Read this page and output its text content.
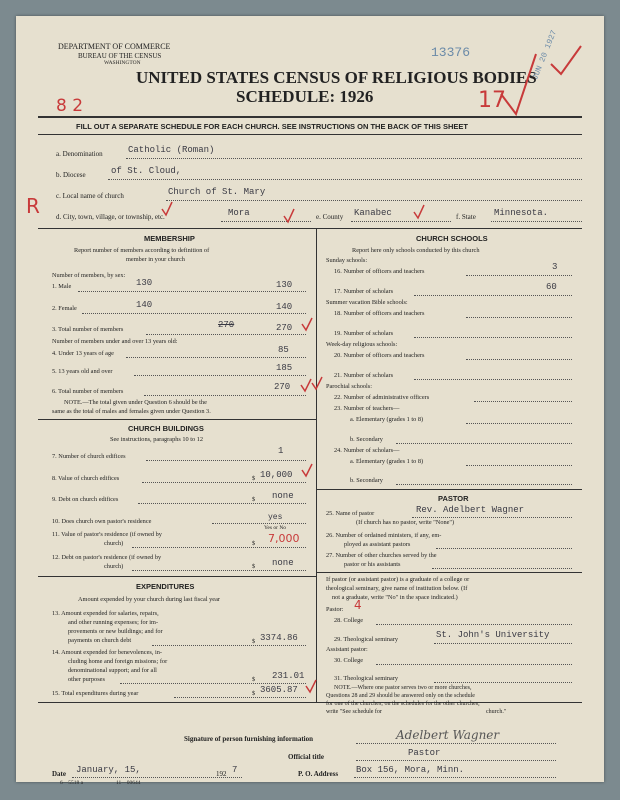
DEPARTMENT OF COMMERCE
BUREAU OF THE CENSUS
WASHINGTON
UNITED STATES CENSUS OF RELIGIOUS BODIES
SCHEDULE: 1926
FILL OUT A SEPARATE SCHEDULE FOR EACH CHURCH. SEE INSTRUCTIONS ON THE BACK OF THIS SHEET
13376	JUN 20 1927
8 2	17
R
a. Denomination	Catholic (Roman)
b. Diocese	of St. Cloud,
c. Local name of church	Church of St. Mary
d. City, town, village, or township, etc.	Mora	e. County Kanabec	f. State Minnesota.
MEMBERSHIP
Report number of members according to definition of
member in your church
Number of members, by sex:
1. Male	130	130
2. Female	140	140
3. Total number of members	270	270
Number of members under and over 13 years old:
4. Under 13 years of age	85
5. 13 years old and over	185
6. Total number of members	270
NOTE.—The total given under Question 6 should be the
same as the total of males and females given under Question 3.
CHURCH BUILDINGS
See instructions, paragraphs 10 to 12
7. Number of church edifices
1
8. Value of church edifices	$ 10,000
9. Debt on church edifices	$ none
10. Does church own pastor's residence	yes
Yes or No
11. Value of pastor's residence (if owned by
church)	$ 7,000
12. Debt on pastor's residence (if owned by
church)	$ none
EXPENDITURES
Amount expended by your church during last fiscal year
13. Amount expended for salaries, repairs,
and other running expenses; for im-
provements or new buildings; and for
payments on church debt	$ 3374.86
14. Amount expended for benevolences, in-
cluding home and foreign missions; for
denominational support; and for all
other purposes	$ 231.01
15. Total expenditures during year	$ 3605.87
CHURCH SCHOOLS
Report here only schools conducted by this church
Sunday schools:
16. Number of officers and teachers	3
17. Number of scholars	60
Summer vacation Bible schools:
18. Number of officers and teachers
19. Number of scholars
Week-day religious schools:
20. Number of officers and teachers
21. Number of scholars
Parochial schools:
22. Number of administrative officers
23. Number of teachers—
a. Elementary (grades 1 to 8)
b. Secondary
24. Number of scholars—
a. Elementary (grades 1 to 8)
b. Secondary
PASTOR
25. Name of pastor	Rev. Adelbert Wagner
(If church has no pastor, write "None")
26. Number of ordained ministers, if any, em-
ployed as assistant pastors
27. Number of other churches served by the
pastor or his assistants
If pastor (or assistant pastor) is a graduate of a college or
theological seminary, give name of institution below. (If
not a graduate, write "No" in the space indicated.)
Pastor: 4
28. College
29. Theological seminary	St. John's University
Assistant pastor:
30. College
31. Theological seminary
NOTE.—Where one pastor serves two or more churches,
Questions 28 and 29 should be answered only on the schedule
for one of the churches; on the schedules for the other churches,
write "See schedule for	church."
Signature of person furnishing information	Adelbert Wagner
Official title	Pastor
Date January, 15,	192 7
6—5518 a	11—00644
P. O. Address Box 156, Mora, Minn.
